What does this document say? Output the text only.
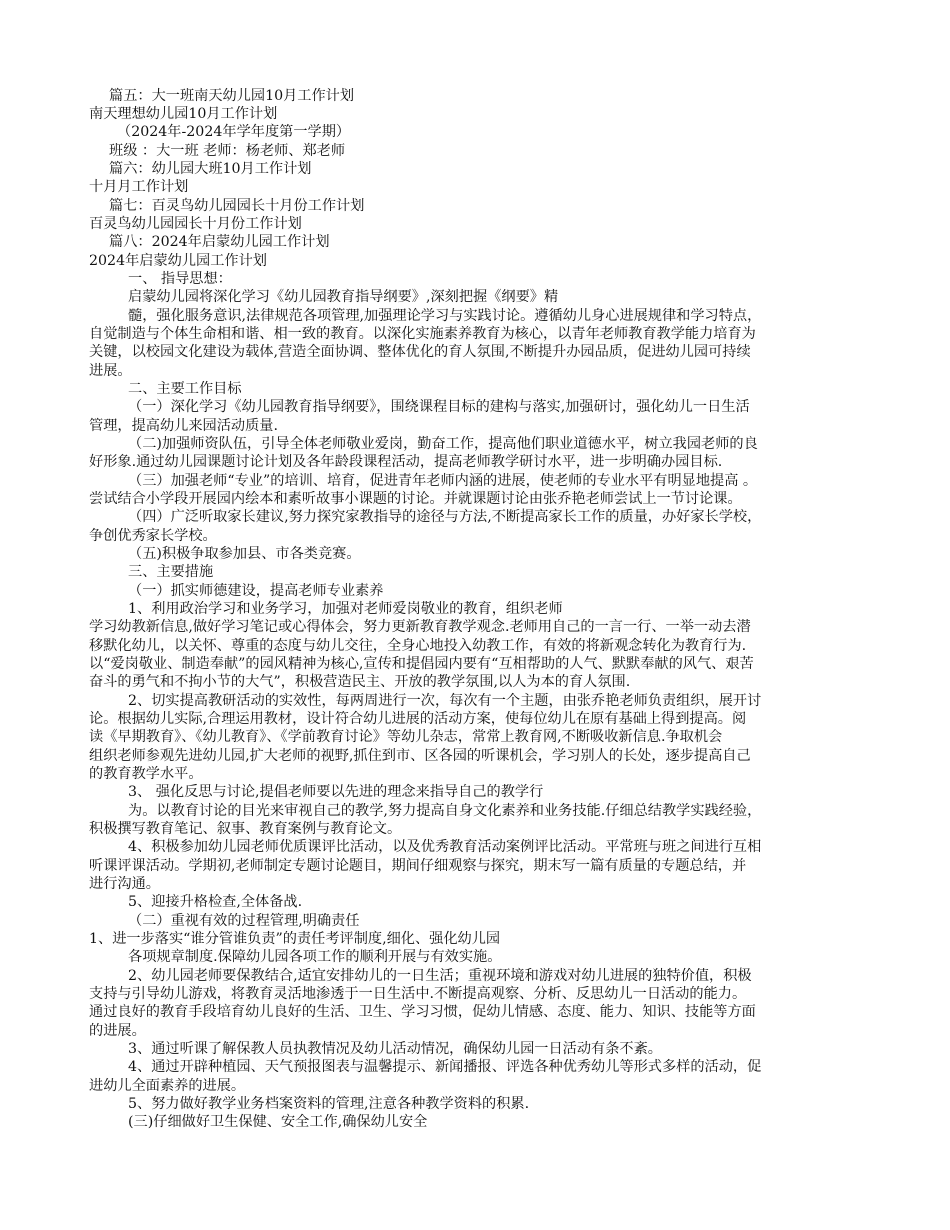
篇五：大一班南天幼儿园10月工作计划
南天理想幼儿园10月工作计划
（2024年-2024年学年度第一学期）
班级 ：大一班 老师：杨老师、郑老师
篇六：幼儿园大班10月工作计划
十月月工作计划
篇七：百灵鸟幼儿园园长十月份工作计划
百灵鸟幼儿园园长十月份工作计划
篇八：2024年启蒙幼儿园工作计划
2024年启蒙幼儿园工作计划
一、 指导思想：
启蒙幼儿园将深化学习《幼儿园教育指导纲要》,深刻把握《纲要》精
髓，强化服务意识,法律规范各项管理,加强理论学习与实践讨论。遵循幼儿身心进展规律和学习特点，
自觉制造与个体生命相和谐、相一致的教育。以深化实施素养教育为核心，以青年老师教育教学能力培育为
关键，以校园文化建设为载体,营造全面协调、整体优化的育人氛围,不断提升办园品质，促进幼儿园可持续
进展。
二、主要工作目标
（一）深化学习《幼儿园教育指导纲要》，围绕课程目标的建构与落实,加强研讨，强化幼儿一日生活
管理，提高幼儿来园活动质量.
（二)加强师资队伍，引导全体老师敬业爱岗，勤奋工作，提高他们职业道德水平，树立我园老师的良
好形象.通过幼儿园课题讨论计划及各年龄段课程活动，提高老师教学研讨水平，进一步明确办园目标.
（三）加强老师“专业”的培训、培育，促进青年老师内涵的进展，使老师的专业水平有明显地提高 。
尝试结合小学段开展园内绘本和素听故事小课题的讨论。并就课题讨论由张乔艳老师尝试上一节讨论课。
（四）广泛听取家长建议,努力探究家教指导的途径与方法,不断提高家长工作的质量，办好家长学校，
争创优秀家长学校。
（五)积极争取参加县、市各类竞赛。
三、主要措施
（一）抓实师德建设，提高老师专业素养
1、利用政治学习和业务学习，加强对老师爱岗敬业的教育，组织老师
学习幼教新信息,做好学习笔记或心得体会，努力更新教育教学观念.老师用自己的一言一行、一举一动去潜
移默化幼儿，以关怀、尊重的态度与幼儿交往，全身心地投入幼教工作，有效的将新观念转化为教育行为.
以“爱岗敬业、制造奉献”的园风精神为核心,宣传和提倡园内要有“互相帮助的人气、默默奉献的风气、艰苦
奋斗的勇气和不拘小节的大气”，积极营造民主、开放的教学氛围,以人为本的育人氛围.
2、切实提高教研活动的实效性，每两周进行一次，每次有一个主题，由张乔艳老师负责组织，展开讨
论。根据幼儿实际,合理运用教材，设计符合幼儿进展的活动方案，使每位幼儿在原有基础上得到提高。阅
读《早期教育》、《幼儿教育》、《学前教育讨论》等幼儿杂志，常常上教育网,不断吸收新信息.争取机会
组织老师参观先进幼儿园,扩大老师的视野,抓住到市、区各园的听课机会，学习别人的长处，逐步提高自己
的教育教学水平。
3、 强化反思与讨论,提倡老师要以先进的理念来指导自己的教学行
为。以教育讨论的目光来审视自己的教学,努力提高自身文化素养和业务技能.仔细总结教学实践经验，
积极撰写教育笔记、叙事、教育案例与教育论文。
4、积极参加幼儿园老师优质课评比活动，以及优秀教育活动案例评比活动。平常班与班之间进行互相
听课评课活动。学期初,老师制定专题讨论题目，期间仔细观察与探究，期末写一篇有质量的专题总结，并
进行沟通。
5、迎接升格检查,全体备战.
（二）重视有效的过程管理,明确责任
1、进一步落实“谁分管谁负责”的责任考评制度,细化、强化幼儿园
各项规章制度.保障幼儿园各项工作的顺利开展与有效实施。
2、幼儿园老师要保教结合,适宜安排幼儿的一日生活；重视环境和游戏对幼儿进展的独特价值，积极
支持与引导幼儿游戏，将教育灵活地渗透于一日生活中.不断提高观察、分析、反思幼儿一日活动的能力。
通过良好的教育手段培育幼儿良好的生活、卫生、学习习惯，促幼儿情感、态度、能力、知识、技能等方面
的进展。
3、通过听课了解保教人员执教情况及幼儿活动情况，确保幼儿园一日活动有条不紊。
4、通过开辟种植园、天气预报图表与温馨提示、新闻播报、评选各种优秀幼儿等形式多样的活动，促
进幼儿全面素养的进展。
5、努力做好教学业务档案资料的管理,注意各种教学资料的积累.
(三)仔细做好卫生保健、安全工作,确保幼儿安全
